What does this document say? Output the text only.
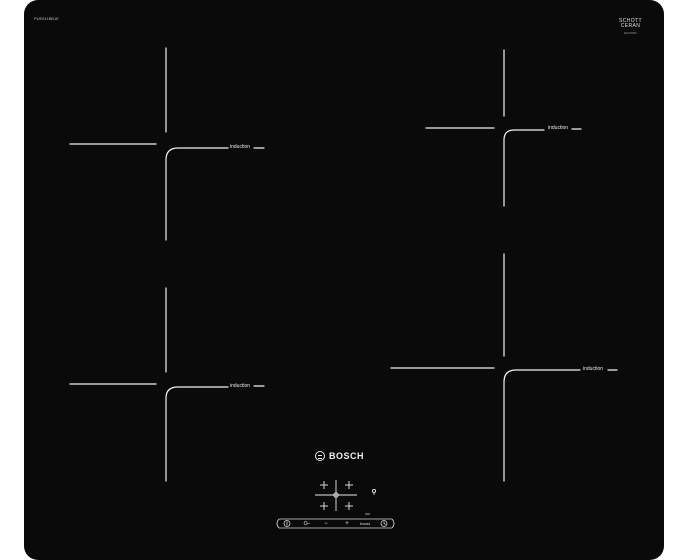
PUE611BB1E	SCHOTT
CERAN
EKF6F81
induction
induction
induction
induction
BOSCH
O⌐	−	+	boost
300
